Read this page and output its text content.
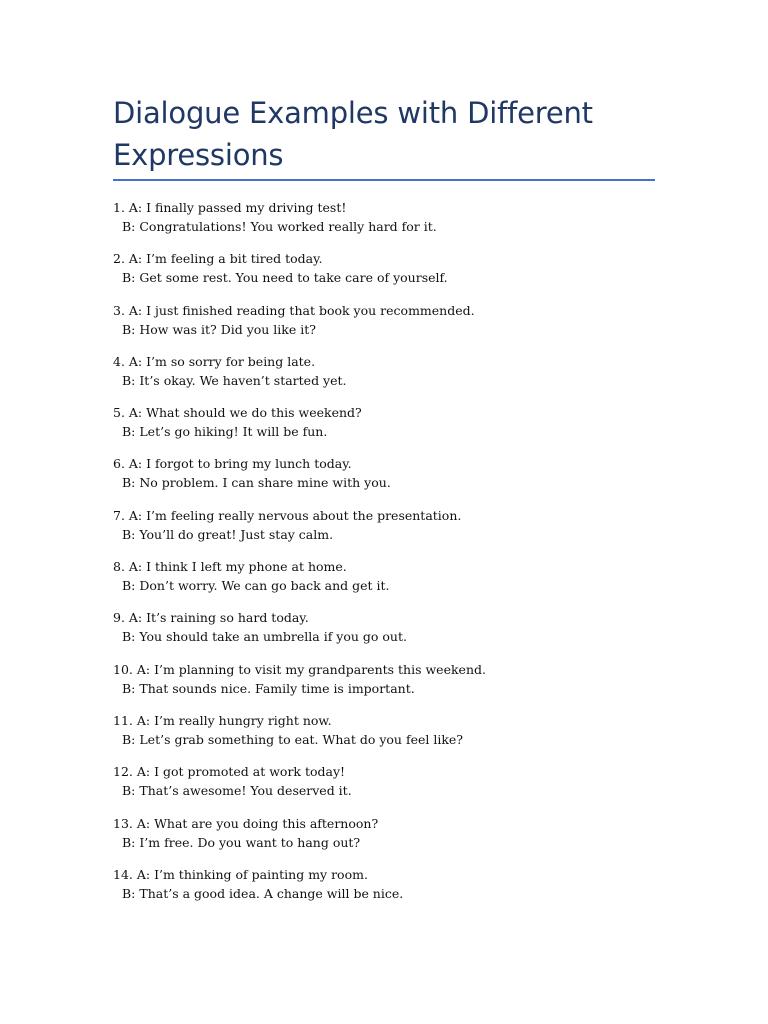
Dialogue Examples with Different Expressions
1. A: I finally passed my driving test!
B: Congratulations! You worked really hard for it.
2. A: I’m feeling a bit tired today.
B: Get some rest. You need to take care of yourself.
3. A: I just finished reading that book you recommended.
B: How was it? Did you like it?
4. A: I’m so sorry for being late.
B: It’s okay. We haven’t started yet.
5. A: What should we do this weekend?
B: Let’s go hiking! It will be fun.
6. A: I forgot to bring my lunch today.
B: No problem. I can share mine with you.
7. A: I’m feeling really nervous about the presentation.
B: You’ll do great! Just stay calm.
8. A: I think I left my phone at home.
B: Don’t worry. We can go back and get it.
9. A: It’s raining so hard today.
B: You should take an umbrella if you go out.
10. A: I’m planning to visit my grandparents this weekend.
B: That sounds nice. Family time is important.
11. A: I’m really hungry right now.
B: Let’s grab something to eat. What do you feel like?
12. A: I got promoted at work today!
B: That’s awesome! You deserved it.
13. A: What are you doing this afternoon?
B: I’m free. Do you want to hang out?
14. A: I’m thinking of painting my room.
B: That’s a good idea. A change will be nice.
